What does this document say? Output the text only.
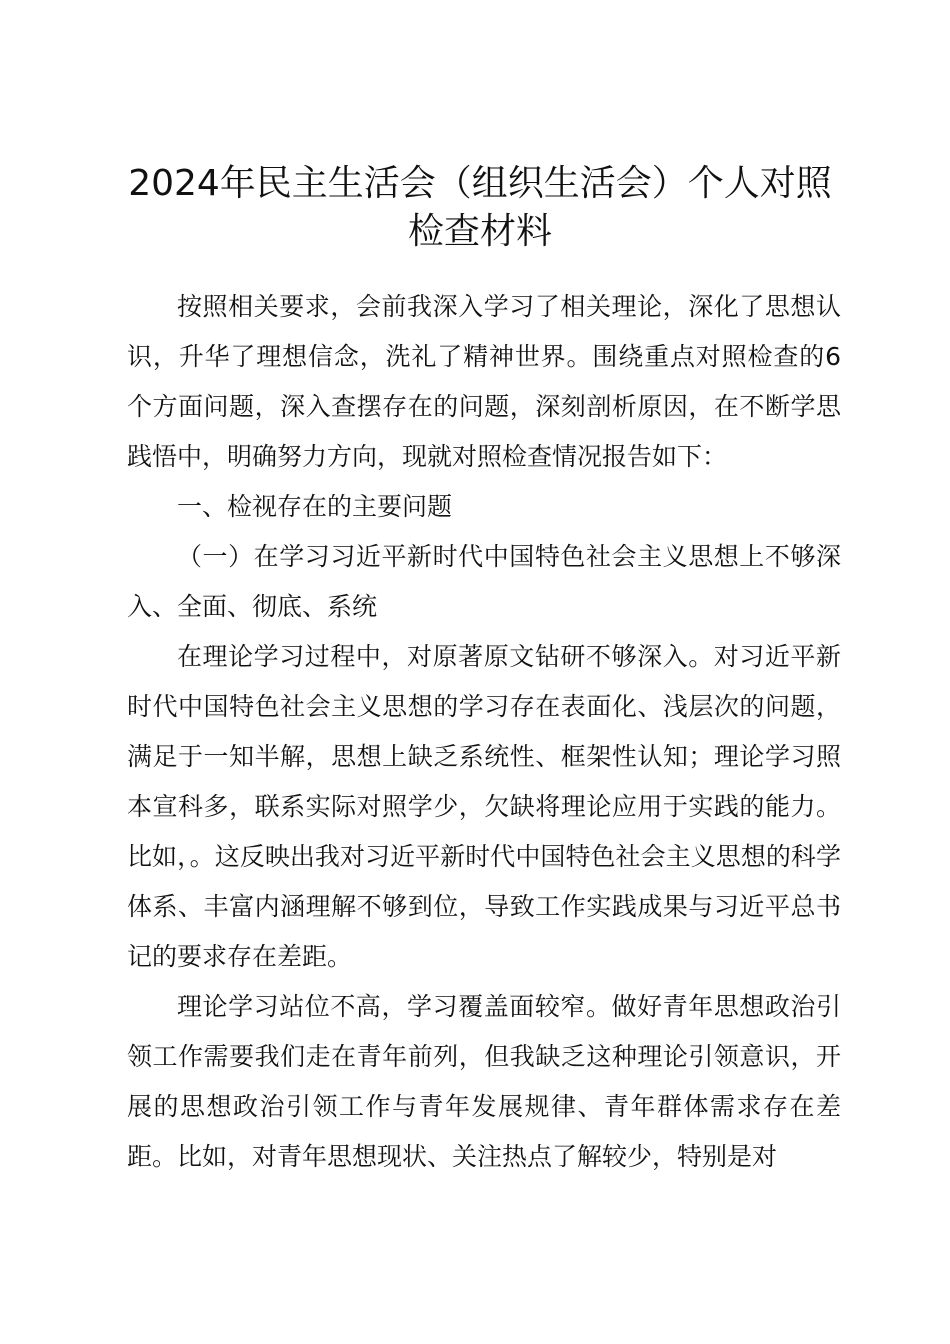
2024年民主生活会（组织生活会）个人对照
检查材料

按照相关要求，会前我深入学习了相关理论，深化了思想认识，升华了理想信念，洗礼了精神世界。围绕重点对照检查的6个方面问题，深入查摆存在的问题，深刻剖析原因，在不断学思践悟中，明确努力方向，现就对照检查情况报告如下：

一、检视存在的主要问题

（一）在学习习近平新时代中国特色社会主义思想上不够深入、全面、彻底、系统

在理论学习过程中，对原著原文钻研不够深入。对习近平新时代中国特色社会主义思想的学习存在表面化、浅层次的问题，满足于一知半解，思想上缺乏系统性、框架性认知；理论学习照本宣科多，联系实际对照学少，欠缺将理论应用于实践的能力。比如，。这反映出我对习近平新时代中国特色社会主义思想的科学体系、丰富内涵理解不够到位，导致工作实践成果与习近平总书记的要求存在差距。

理论学习站位不高，学习覆盖面较窄。做好青年思想政治引领工作需要我们走在青年前列，但我缺乏这种理论引领意识，开展的思想政治引领工作与青年发展规律、青年群体需求存在差距。比如，对青年思想现状、关注热点了解较少，特别是对
